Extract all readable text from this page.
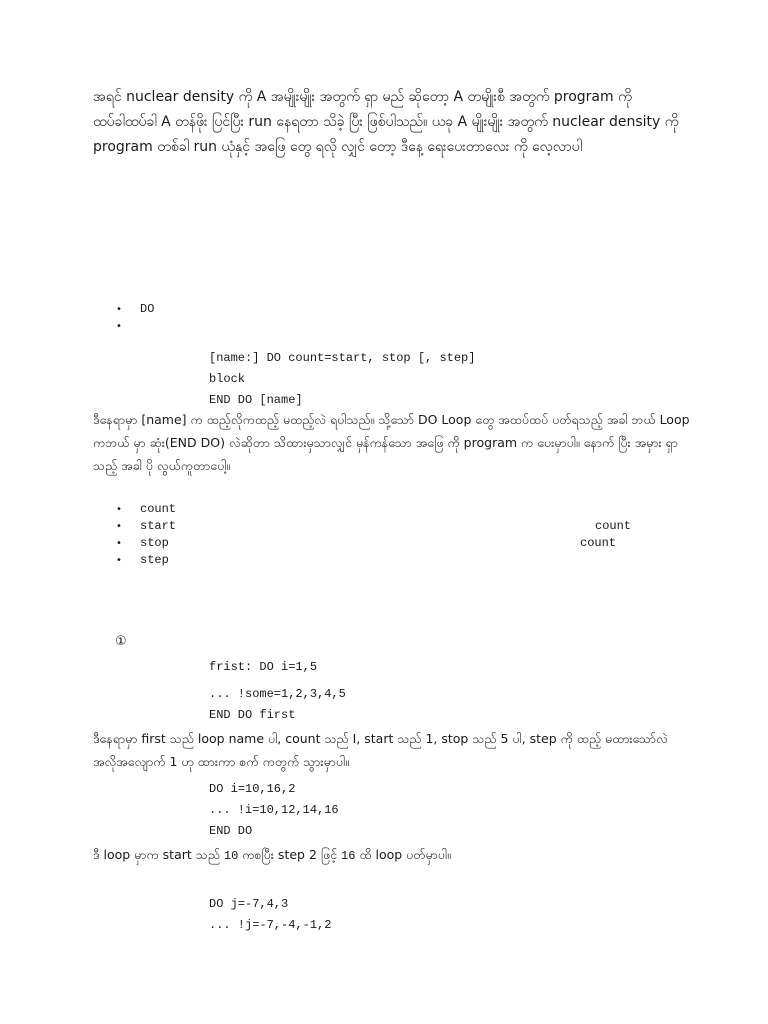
အရင် nuclear density ကို A အမျိုးမျိုး အတွက် ရှာ မည် ဆိုတော့ A တမျိုးစီ အတွက် program ကို ထပ်ခါထပ်ခါ A တန်ဖိုး ပြင်ပြီး run နေရတာ သိခဲ့ ပြီး ဖြစ်ပါသည်။ ယခု A မျိုးမျိုး အတွက် nuclear density ကို program တစ်ခါ run ယုံနှင့် အဖြေ တွေ ရလို လျှင် တော့ ဒီနေ့ ရေးပေးတာလေး ကို လေ့လာပါ

• DO
•
[name:] DO count=start, stop [, step]
block
END DO [name]

ဒီနေရာမှာ [name] က ထည့်လိုကထည့် မထည့်လဲ ရပါသည်။ သို့သော် DO Loop တွေ အထပ်ထပ် ပတ်ရသည့် အခါ ဘယ် Loop ကဘယ် မှာ ဆုံး(END DO) လဲဆိုတာ သိထားမှသာလျှင် မှန်ကန်သော အဖြေ ကို program က ပေးမှာပါ။ နောက် ပြီး အမှား ရှာသည့် အခါ ပို လွယ်ကူတာပေါ့။

• count
• start	count
• stop	count
• step
①
frist: DO i=1,5
... !some=1,2,3,4,5
END DO first

ဒီနေရာမှာ first သည် loop name ပါ, count သည် I, start သည် 1, stop သည် 5 ပါ, step ကို ထည့် မထားသော်လဲ အလိုအလျောက် 1 ဟု ထားကာ စက် ကတွက် သွားမှာပါ။

DO i=10,16,2
... !i=10,12,14,16
END DO

ဒီ loop မှာက start သည် 10 ကစပြီး step 2 ဖြင့် 16 ထိ loop ပတ်မှာပါ။

DO j=-7,4,3
... !j=-7,-4,-1,2
